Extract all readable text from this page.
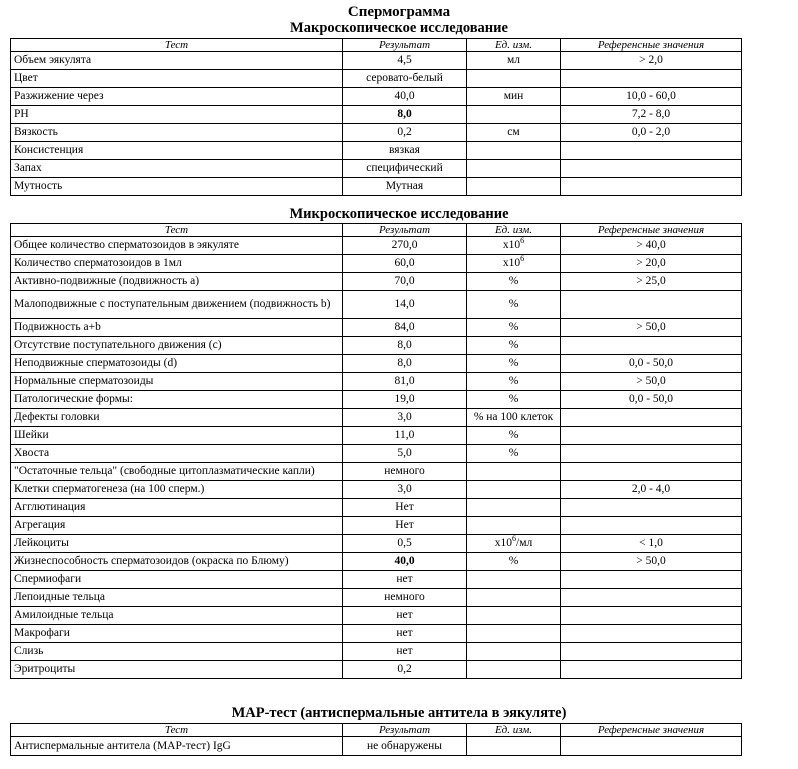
Спермограмма
Макроскопическое исследование
Тест	Результат	Ед. изм.	Референсные значения
Объем эякулята	4,5	мл	> 2,0
Цвет	серовато-белый		
Разжижение через	40,0	мин	10,0 - 60,0
PH	8,0		7,2 - 8,0
Вязкость	0,2	см	0,0 - 2,0
Консистенция	вязкая		
Запах	специфический		
Мутность	Мутная		
Микроскопическое исследование
Тест	Результат	Ед. изм.	Референсные значения
Общее количество сперматозоидов в эякуляте	270,0	$x10^6$	> 40,0
Количество сперматозоидов в 1мл	60,0	$x10^6$	> 20,0
Активно-подвижные (подвижность а)	70,0	%	> 25,0
Малоподвижные с поступательным движением (подвижность b)	14,0	%	
Подвижность a+b	84,0	%	> 50,0
Отсутствие поступательного движения (с)	8,0	%	
Неподвижные сперматозоиды (d)	8,0	%	0,0 - 50,0
Нормальные сперматозоиды	81,0	%	> 50,0
Патологические формы:	19,0	%	0,0 - 50,0
Дефекты головки	3,0	% на 100 клеток	
Шейки	11,0	%	
Хвоста	5,0	%	
"Остаточные тельца" (свободные цитоплазматические капли)	немного		
Клетки сперматогенеза (на 100 сперм.)	3,0		2,0 - 4,0
Агглютинация	Нет		
Агрегация	Нет		
Лейкоциты	0,5	$x10^6/мл$	< 1,0
Жизнеспособность сперматозоидов (окраска по Блюму)	40,0	%	> 50,0
Спермиофаги	нет		
Лепоидные тельца	немного		
Амилоидные тельца	нет		
Макрофаги	нет		
Слизь	нет		
Эритроциты	0,2		
MAP-тест (антиспермальные антитела в эякуляте)
Тест	Результат	Ед. изм.	Референсные значения
Антиспермальные антитела (MAP-тест) IgG	не обнаружены		
